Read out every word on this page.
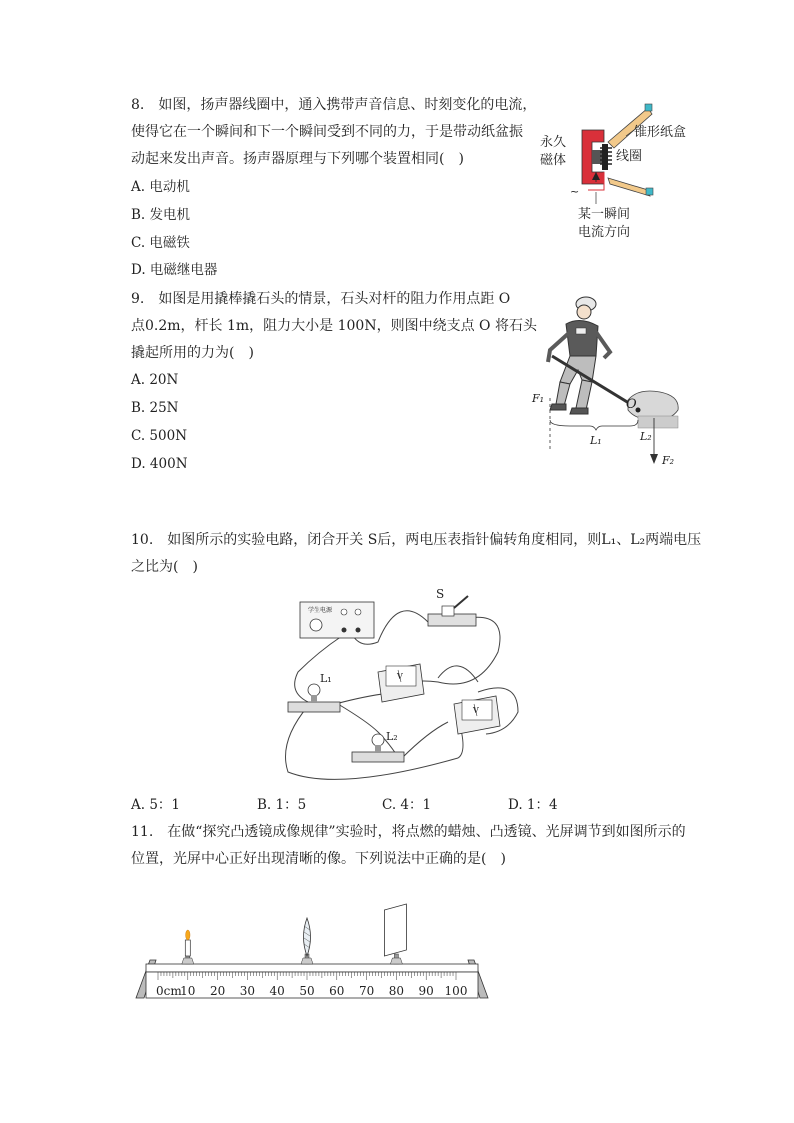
8.　如图，扬声器线圈中，通入携带声音信息、时刻变化的电流，
使得它在一个瞬间和下一个瞬间受到不同的力，于是带动纸盆振
动起来发出声音。扬声器原理与下列哪个装置相同(　)
A. 电动机
B. 发电机
C. 电磁铁
D. 电磁继电器
~
锥形纸盒
永久
磁体	线圈
某一瞬间
电流方向
9.　如图是用撬棒撬石头的情景，石头对杆的阻力作用点距 O
点0.2m，杆长 1m，阻力大小是 100N，则图中绕支点 O 将石头
撬起所用的力为(　)
A. 20N
B. 25N
C. 500N
D. 400N
F₁	O
L₁	L₂
F₂
10.　如图所示的实验电路，闭合开关 S后，两电压表指针偏转角度相同，则L₁、L₂两端电压
之比为(　)
学生电源
S
V
V
L₁
L₂
A. 5：1	B. 1：5	C. 4：1	D. 1：4
11.　在做“探究凸透镜成像规律”实验时，将点燃的蜡烛、凸透镜、光屏调节到如图所示的
位置，光屏中心正好出现清晰的像。下列说法中正确的是(　)
0cm
10 20 30 40 50 60 70 80 90 100
